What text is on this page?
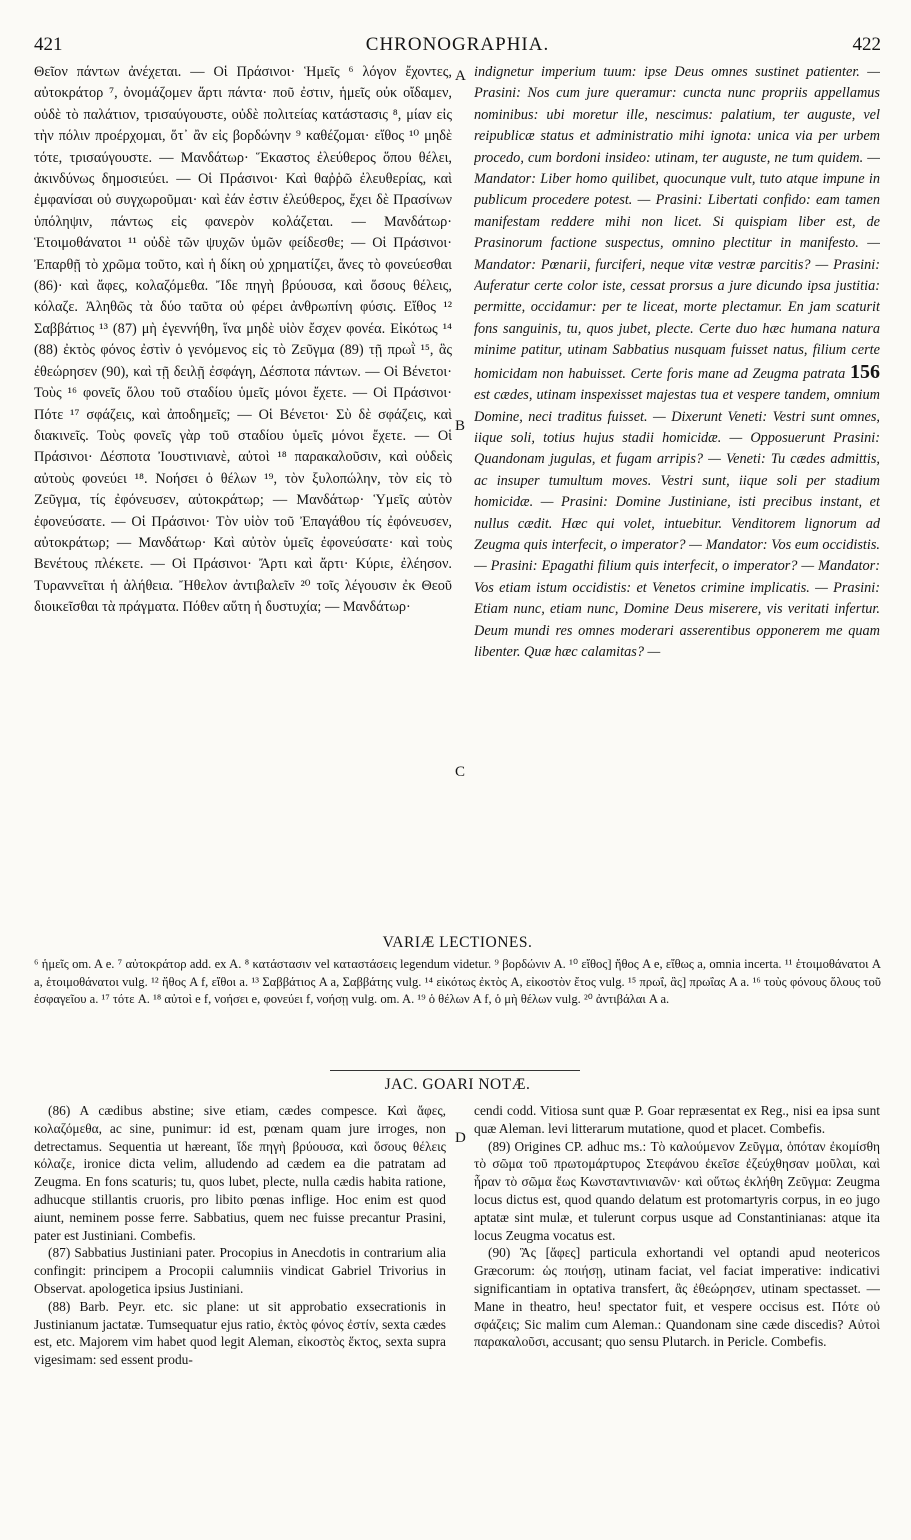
421	CHRONOGRAPHIA.	422

Θεῖον πάντων ἀνέχεται. — Οἱ Πράσινοι· Ἡμεῖς ⁶ λόγον ἔχοντες, αὐτοκράτορ ⁷, ὀνομάζομεν ἄρτι πάντα· ποῦ ἐστιν, ἡμεῖς οὐκ οἴδαμεν, οὐδὲ τὸ παλάτιον, τρισαύγουστε, οὐδὲ πολιτείας κατάστασις ⁸, μίαν εἰς τὴν πόλιν προέρχομαι, ὅτ᾽ ἂν εἰς βορδώνην ⁹ καθέζομαι· εἴθος ¹⁰ μηδὲ τότε, τρισαύγουστε. — Μανδάτωρ· Ἕκαστος ἐλεύθερος ὅπου θέλει, ἀκινδύνως δημοσιεύει. — Οἱ Πράσινοι· Καὶ θαῤῥῶ ἐλευθερίας, καὶ ἐμφανίσαι οὐ συγχωροῦμαι· καὶ ἐάν ἐστιν ἐλεύθερος, ἔχει δὲ Πρασίνων ὑπόληψιν, πάντως εἰς φανερὸν κολάζεται. — Μανδάτωρ· Ἑτοιμοθάνατοι ¹¹ οὐδὲ τῶν ψυχῶν ὑμῶν φείδεσθε; — Οἱ Πράσινοι· Ἐπαρθῇ τὸ χρῶμα τοῦτο, καὶ ἡ δίκη οὐ χρηματίζει, ἄνες τὸ φονεύεσθαι (86)· καὶ ἄφες, κολαζόμεθα. Ἴδε πηγὴ βρύουσα, καὶ ὅσους θέλεις, κόλαζε. Ἀληθῶς τὰ δύο ταῦτα οὐ φέρει ἀνθρωπίνη φύσις. Εἴθος ¹² Σαββάτιος ¹³ (87) μὴ ἐγεννήθη, ἵνα μηδὲ υἱὸν ἔσχεν φονέα. Εἰκότως ¹⁴ (88) ἐκτὸς φόνος ἐστὶν ὁ γενόμενος εἰς τὸ Ζεῦγμα (89) τῇ πρωῒ ¹⁵, ἃς ἐθεώρησεν (90), καὶ τῇ δειλῇ ἐσφάγη, Δέσποτα πάντων. — Οἱ Βένετοι· Τοὺς ¹⁶ φονεῖς ὅλου τοῦ σταδίου ὑμεῖς μόνοι ἔχετε. — Οἱ Πράσινοι· Πότε ¹⁷ σφάζεις, καὶ ἀποδημεῖς; — Οἱ Βένετοι· Σὺ δὲ σφάζεις, καὶ διακινεῖς. Τοὺς φονεῖς γὰρ τοῦ σταδίου ὑμεῖς μόνοι ἔχετε. — Οἱ Πράσινοι· Δέσποτα Ἰουστινιανὲ, αὐτοὶ ¹⁸ παρακαλοῦσιν, καὶ οὐδεὶς αὐτοὺς φονεύει ¹⁸. Νοήσει ὁ θέλων ¹⁹, τὸν ξυλοπώλην, τὸν εἰς τὸ Ζεῦγμα, τίς ἐφόνευσεν, αὐτοκράτωρ; — Μανδάτωρ· Ὑμεῖς αὐτὸν ἐφονεύσατε. — Οἱ Πράσινοι· Τὸν υἱὸν τοῦ Ἐπαγάθου τίς ἐφόνευσεν, αὐτοκράτωρ; — Μανδάτωρ· Καὶ αὐτὸν ὑμεῖς ἐφονεύσατε· καὶ τοὺς Βενέτους πλέκετε. — Οἱ Πράσινοι· Ἄρτι καὶ ἄρτι· Κύριε, ἐλέησον. Τυραννεῖται ἡ ἀλήθεια. Ἤθελον ἀντιβαλεῖν ²⁰ τοῖς λέγουσιν ἐκ Θεοῦ διοικεῖσθαι τὰ πράγματα. Πόθεν αὕτη ἡ δυστυχία; — Μανδάτωρ·

A
B
C
D

indignetur imperium tuum: ipse Deus omnes sustinet patienter. — Prasini: Nos cum jure queramur: cuncta nunc propriis appellamus nominibus: ubi moretur ille, nescimus: palatium, ter auguste, vel reipublicæ status et administratio mihi ignota: unica via per urbem procedo, cum bordoni insideo: utinam, ter auguste, ne tum quidem. — Mandator: Liber homo quilibet, quocunque vult, tuto atque impune in publicum procedere potest. — Prasini: Libertati confido: eam tamen manifestam reddere mihi non licet. Si quispiam liber est, de Prasinorum factione suspectus, omnino plectitur in manifesto. — Mandator: Pœnarii, furciferi, neque vitæ vestræ parcitis? — Prasini: Auferatur certe color iste, cessat prorsus a jure dicundo ipsa justitia: permitte, occidamur: per te liceat, morte plectamur. En jam scaturit fons sanguinis, tu, quos jubet, plecte. Certe duo hæc humana natura minime patitur, utinam Sabbatius nusquam fuisset natus, filium certe homicidam non habuisset. Certe foris mane ad Zeugma patrata 156 est cædes, utinam inspexisset majestas tua et vespere tandem, omnium Domine, neci traditus fuisset. — Dixerunt Veneti: Vestri sunt omnes, iique soli, totius hujus stadii homicidæ. — Opposuerunt Prasini: Quandonam jugulas, et fugam arripis? — Veneti: Tu cædes admittis, ac insuper tumultum moves. Vestri sunt, iique soli per stadium homicidæ. — Prasini: Domine Justiniane, isti precibus instant, et nullus cædit. Hæc qui volet, intuebitur. Venditorem lignorum ad Zeugma quis interfecit, o imperator? — Mandator: Vos eum occidistis. — Prasini: Epagathi filium quis interfecit, o imperator? — Mandator: Vos etiam istum occidistis: et Venetos crimine implicatis. — Prasini: Etiam nunc, etiam nunc, Domine Deus miserere, vis veritati infertur. Deum mundi res omnes moderari asserentibus opponerem me quam libenter. Quæ hæc calamitas? —

VARIÆ LECTIONES.
⁶ ἡμεῖς om. A e. ⁷ αὐτοκράτορ add. ex A. ⁸ κατάστασιν vel καταστάσεις legendum videtur. ⁹ βορδώνιν A. ¹⁰ εἴθος] ἤθος A e, εἴθως a, omnia incerta. ¹¹ ἑτοιμοθάνατοι A a, ἑτοιμοθάνατοι vulg. ¹² ἤθος A f, εἴθοι a. ¹³ Σαββάτιος A a, Σαββάτης vulg. ¹⁴ εἰκότως ἐκτὸς A, εἰκοστὸν ἔτος vulg. ¹⁵ πρωΐ, ἃς] πρωΐας A a. ¹⁶ τοὺς φόνους ὅλους τοῦ ἐσφαγεῖου a. ¹⁷ τότε A. ¹⁸ αὐτοὶ e f, νοήσει e, φονεύει f, νοήσῃ vulg. om. A. ¹⁹ ὁ θέλων A f, ὁ μὴ θέλων vulg. ²⁰ ἀντιβάλαι A a.
JAC. GOARI NOTÆ.

(86) A cædibus abstine; sive etiam, cædes compesce. Καὶ ἄφες, κολαζόμεθα, ac sine, punimur: id est, pœnam quam jure irroges, non detrectamus. Sequentia ut hæreant, ἴδε πηγὴ βρύουσα, καὶ ὅσους θέλεις κόλαζε, ironice dicta velim, alludendo ad cædem ea die patratam ad Zeugma. En fons scaturis; tu, quos lubet, plecte, nulla cædis habita ratione, adhucque stillantis cruoris, pro libito pœnas inflige. Hoc enim est quod aiunt, neminem posse ferre. Sabbatius, quem nec fuisse precantur Prasini, pater est Justiniani. Combefis.

(87) Sabbatius Justiniani pater. Procopius in Anecdotis in contrarium alia confingit: principem a Procopii calumniis vindicat Gabriel Trivorius in Observat. apologetica ipsius Justiniani.

(88) Barb. Peyr. etc. sic plane: ut sit approbatio exsecrationis in Justinianum jactatæ. Tumsequatur ejus ratio, ἐκτὸς φόνος ἐστίν, sexta cædes est, etc. Majorem vim habet quod legit Aleman, εἰκοστὸς ἕκτος, sexta supra vigesimam: sed essent produ-

cendi codd. Vitiosa sunt quæ P. Goar repræsentat ex Reg., nisi ea ipsa sunt quæ Aleman. levi litterarum mutatione, quod et placet. Combefis.

(89) Origines CP. adhuc ms.: Τὸ καλούμενον Ζεῦγμα, ὁπόταν ἐκομίσθη τὸ σῶμα τοῦ πρωτομάρτυρος Στεφάνου ἐκεῖσε ἐζεύχθησαν μοῦλαι, καὶ ἦραν τὸ σῶμα ἕως Κωνσταντινιανῶν· καὶ οὕτως ἐκλήθη Ζεῦγμα: Zeugma locus dictus est, quod quando delatum est protomartyris corpus, in eo jugo aptatæ sint mulæ, et tulerunt corpus usque ad Constantinianas: atque ita locus Zeugma vocatus est.

(90) Ἃς [ἄφες] particula exhortandi vel optandi apud neotericos Græcorum: ὡς ποιήσῃ, utinam faciat, vel faciat imperative: indicativi significantiam in optativa transfert, ἂς ἐθεώρησεν, utinam spectasset. — Mane in theatro, heu! spectator fuit, et vespere occisus est. Πότε οὐ σφάζεις; Sic malim cum Aleman.: Quandonam sine cæde discedis? Αὐτοὶ παρακαλοῦσι, accusant; quo sensu Plutarch. in Pericle. Combefis.
